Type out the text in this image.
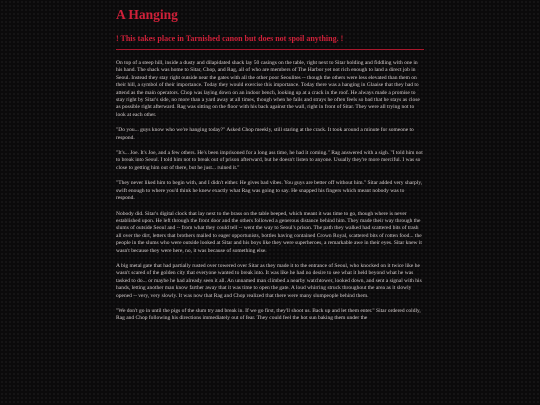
A Hanging
! This takes place in Tarnished canon but does not spoil anything. !

On top of a steep hill, inside a dusty and dilapidated shack lay 50 casings on the table, right next to Sitar holding and fiddling with one in his hand. The shack was home to Sitar, Chop, and Rag, all of who are members of The Harbor yet not rich enough to land a direct job in Seoul. Instead they stay right outside near the gates with all the other poor Seoulites -- though the others were less elevated than them on their hill, a symbol of their importance. Today they would exercise this importance. Today there was a hanging in Glaaise that they had to attend as the main operators. Chop was laying down on an indoor bench, looking up at a crack in the roof. He always made a promise to stay right by Sitar's side, no more than a yard away at all times, though when he fails and strays he often feels so bad that he stays as close as possible right afterward. Rag was sitting on the floor with his back against the wall, right in front of Sitar. They were all trying not to look at each other.

"Do you... guys know who we're hanging today?" Asked Chop meekly, still staring at the crack. It took around a minute for someone to respond.

"It's... Joe. It's Joe, and a few others. He's been imprisoned for a long ass time, he had it coming." Rag answered with a sigh. "I told him not to break into Seoul. I told him not to break out of prison afterward, but he doesn't listen to anyone. Usually they're more merciful. I was so close to getting him out of there, but he just... ruined it."

"They never liked him to begin with, and I didn't either. He gives bad vibes. You guys are better off without him." Sitar added very sharply, swift enough to where you'd think he knew exactly what Rag was going to say. He snapped his fingers which meant nobody was to respond.

Nobody did. Sitar's digital clock that lay next to the brass on the table beeped, which meant it was time to go, though where is never established upon. He left through the front door and the others followed a generous distance behind him. They made their way through the slums of outside Seoul and -- from what they could tell -- went the way to Seoul's prison. The path they walked had scattered bits of trash all over the dirt, letters that brothers mailed to eager opportunists, bottles having contained Crown Royal, scattered bits of rotten food... the people in the slums who were outside looked at Sitar and his boys like they were superheroes, a remarkable awe in their eyes. Sitar knew it wasn't because they were here, no, it was because of something else.

A big metal gate that had partially rusted over towered over Sitar as they made it to the entrance of Seoul, who knocked on it twice like he wasn't scared of the golden city that everyone wanted to break into. It was like he had no desire to see what it held beyond what he was tasked to do... or maybe he had already seen it all. An unnamed man climbed a nearby watchtower, looked down, and sent a signal with his hands, letting another man know farther away that it was time to open the gate. A loud whirring struck throughout the area as it slowly opened -- very, very slowly. It was now that Rag and Chop realized that there were many slumpeople behind them.

"We don't go in until the pigs of the slum try and break in. If we go first, they'll shoot us. Back up and let them enter." Sitar ordered coldly, Rag and Chop following his directions immediately out of fear. They could feel the hot sun baking them under the
